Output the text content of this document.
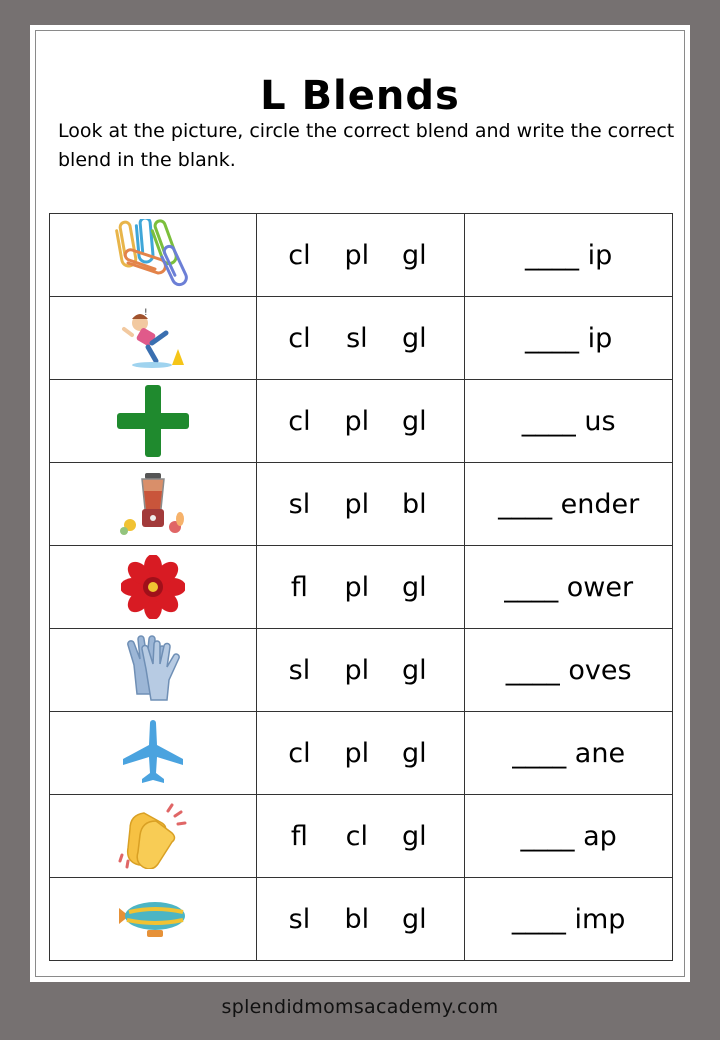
L Blends

Look at the picture, circle the correct blend and write the correct blend in the blank.

cl pl gl	____ ip

!	cl sl gl	____ ip

cl pl gl	____ us

sl pl bl	____ ender

fl pl gl	____ ower

sl pl gl	____ oves

cl pl gl	____ ane

fl cl gl	____ ap

sl bl gl	____ imp
splendidmomsacademy.com
